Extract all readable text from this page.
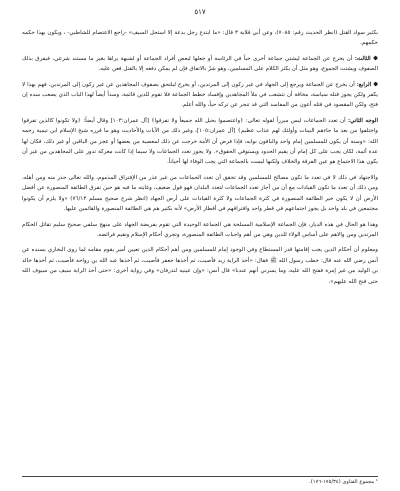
٥١٧

بكثير سواد القتل (انظر الحديث رقم: ٧٠٨٥)، وعن أبي قلابة ٣ قال: «ما ابتدع رجل بدعة إلا استحل السيف» -راجع الاعتصام للشاطبي- ، ويكون بهذا حكمه حكمهم.

✽ الثالث: أن يخرج عن الجماعة ليشتي جماعة أخرى حباً في الرئاسة أو جعلها لبعض أفراد الجماعة أو لشبهة يراها بغير ما مستند شرعي، فيفرق بذلك الصفوف ويشتت الجموع، وهو مثل أن يكثر الكلام على المسلمين، وهو شرٌ بالاتفاق فإن لم يمكن دفعه إلا بالقتل فعن عليه.

✽ الرابع: أن يخرج عن الجماعة ويرجع إلى الجهاد في غير ركون إلى المرتدين، أو يخرج ليلتحق بصفوف المجاهدين عن غير ركون إلى المرتدين، فهم بهذا لا يكفر ولكن يجوز قتله سياسة، مخافة أن تتشعب في ملأ المجاهدين وإفساد خطط الجماعة فلا تقوم للدين قائمة، وسداً أيضاً لهذا الباب الذي يصعب سده إن فتح، ولكن المقصود في قتله أعون من المفاسد التي قد تنجر عن تركه حياً، والله أعلم.

الوجه الثاني: أن تعدد الجماعات ليس مبرراً لقوله تعالى: ﴿واعتصموا بحبل الله جميعاً ولا تفرقوا﴾ [آل عمران:١٠٣] وقال أيضاً: ﴿ولا تكونوا كالذين تفرقوا واختلفوا من بعد ما جاءهم البينات وأولئك لهم عذاب عظيم﴾ [آل عمران:١٠٥]، وغير ذلك من الآيات والأحاديث وهو ما قرره شيخ الإسلام ابن تيمية رحمه الله: «وسنة أن يكون للمسلمين إمام واحد والباقون نوابه، فإذا فرض أن الأمة خرجت عن ذلك لمعصية من بعضها أو عجز من الباقين أو غير ذلك، فكان لها عدة أئمة، لكان يجب على كل إمام أن يقيم الحدود ويستوفي الحقوق». ولا يجوز تعدد الجماعات ولا سيما إذا كانت معركة تدور على المجاهدين من غير أن يكون هذا الاجتماع هو عين الفرقة والخلاف ولكنها ليست بالجماعة التي يجب الوفاء لها أحياناً.

والاجتهاد في ذلك لا في تعدد ما تكون مصالح للمسلمين وقد تحقق أن تعدد الجماعات من غير عذر من الإفتراق المذموم، والله تعالى حذر منه ومن أهله، ومن ذلك أن تعدد ما تكون القيادات مع أن من أجاز تعدد الجماعات لتعدد البلدان فهو قول ضعيف، وغايته ما فيه هو حين تفرق الطائفة المنصورة عن أفضل الأرض أن لا يكون خير الطائفة المنصورة في كثرة الجماعات ولا كثرة القيادات على أرض الجهاد (انظر شرح صحيح مسلم ٧٦/١٣) «ولا يلزم أن يكونوا مجتمعين في بلد واحد بل يجوز اجتماعهم في قطر واحد وافتراقهم في أقطار الأرض» لأنه بكثير هم هي الطائفة المنصورة والقائمين عليها.

وهذا هو الحال في هذه الديار، فإن الجماعة الإسلامية المسلحة هي الجماعة الوحيدة التي تقوم بفريضة الجهاد على منهج سلفي صحيح سليم تقاتل الحكام المرتدين ومن والاهم على أساس الولاء للدين وهي من أهم واجبات الطائفة المنصورة، وتجري أحكام الإسلام وتقيم فرائضه.

ومعلوم أن أحكام الدين يجب إقامتها قدر المستطاع وفي الوجود إمام للمسلمين ومن أهم أحكام الدين تعيين أمير يقوم مقامه لما روى البخاري بسنده عن أنس رضي الله عنه قال: خطب رسول الله ﷺ فقال: «أخذ الراية زيد فأصيب، ثم أخذها جعفر فأصيب، ثم أخذها عبد الله بن رواحة فأصيب، ثم أخذها خالد بن الوليد من غير إمرة ففتح الله عليه، وما يسرني أنهم عندنا» قال أنس: «وإن عينيه لتذرفان» وفي رواية أخرى: «حتى أخذ الراية سيف من سيوف الله حتى فتح الله عليهم».

¹ مجموع الفتاوى (١٧٥/٣٤-١٧٦).
